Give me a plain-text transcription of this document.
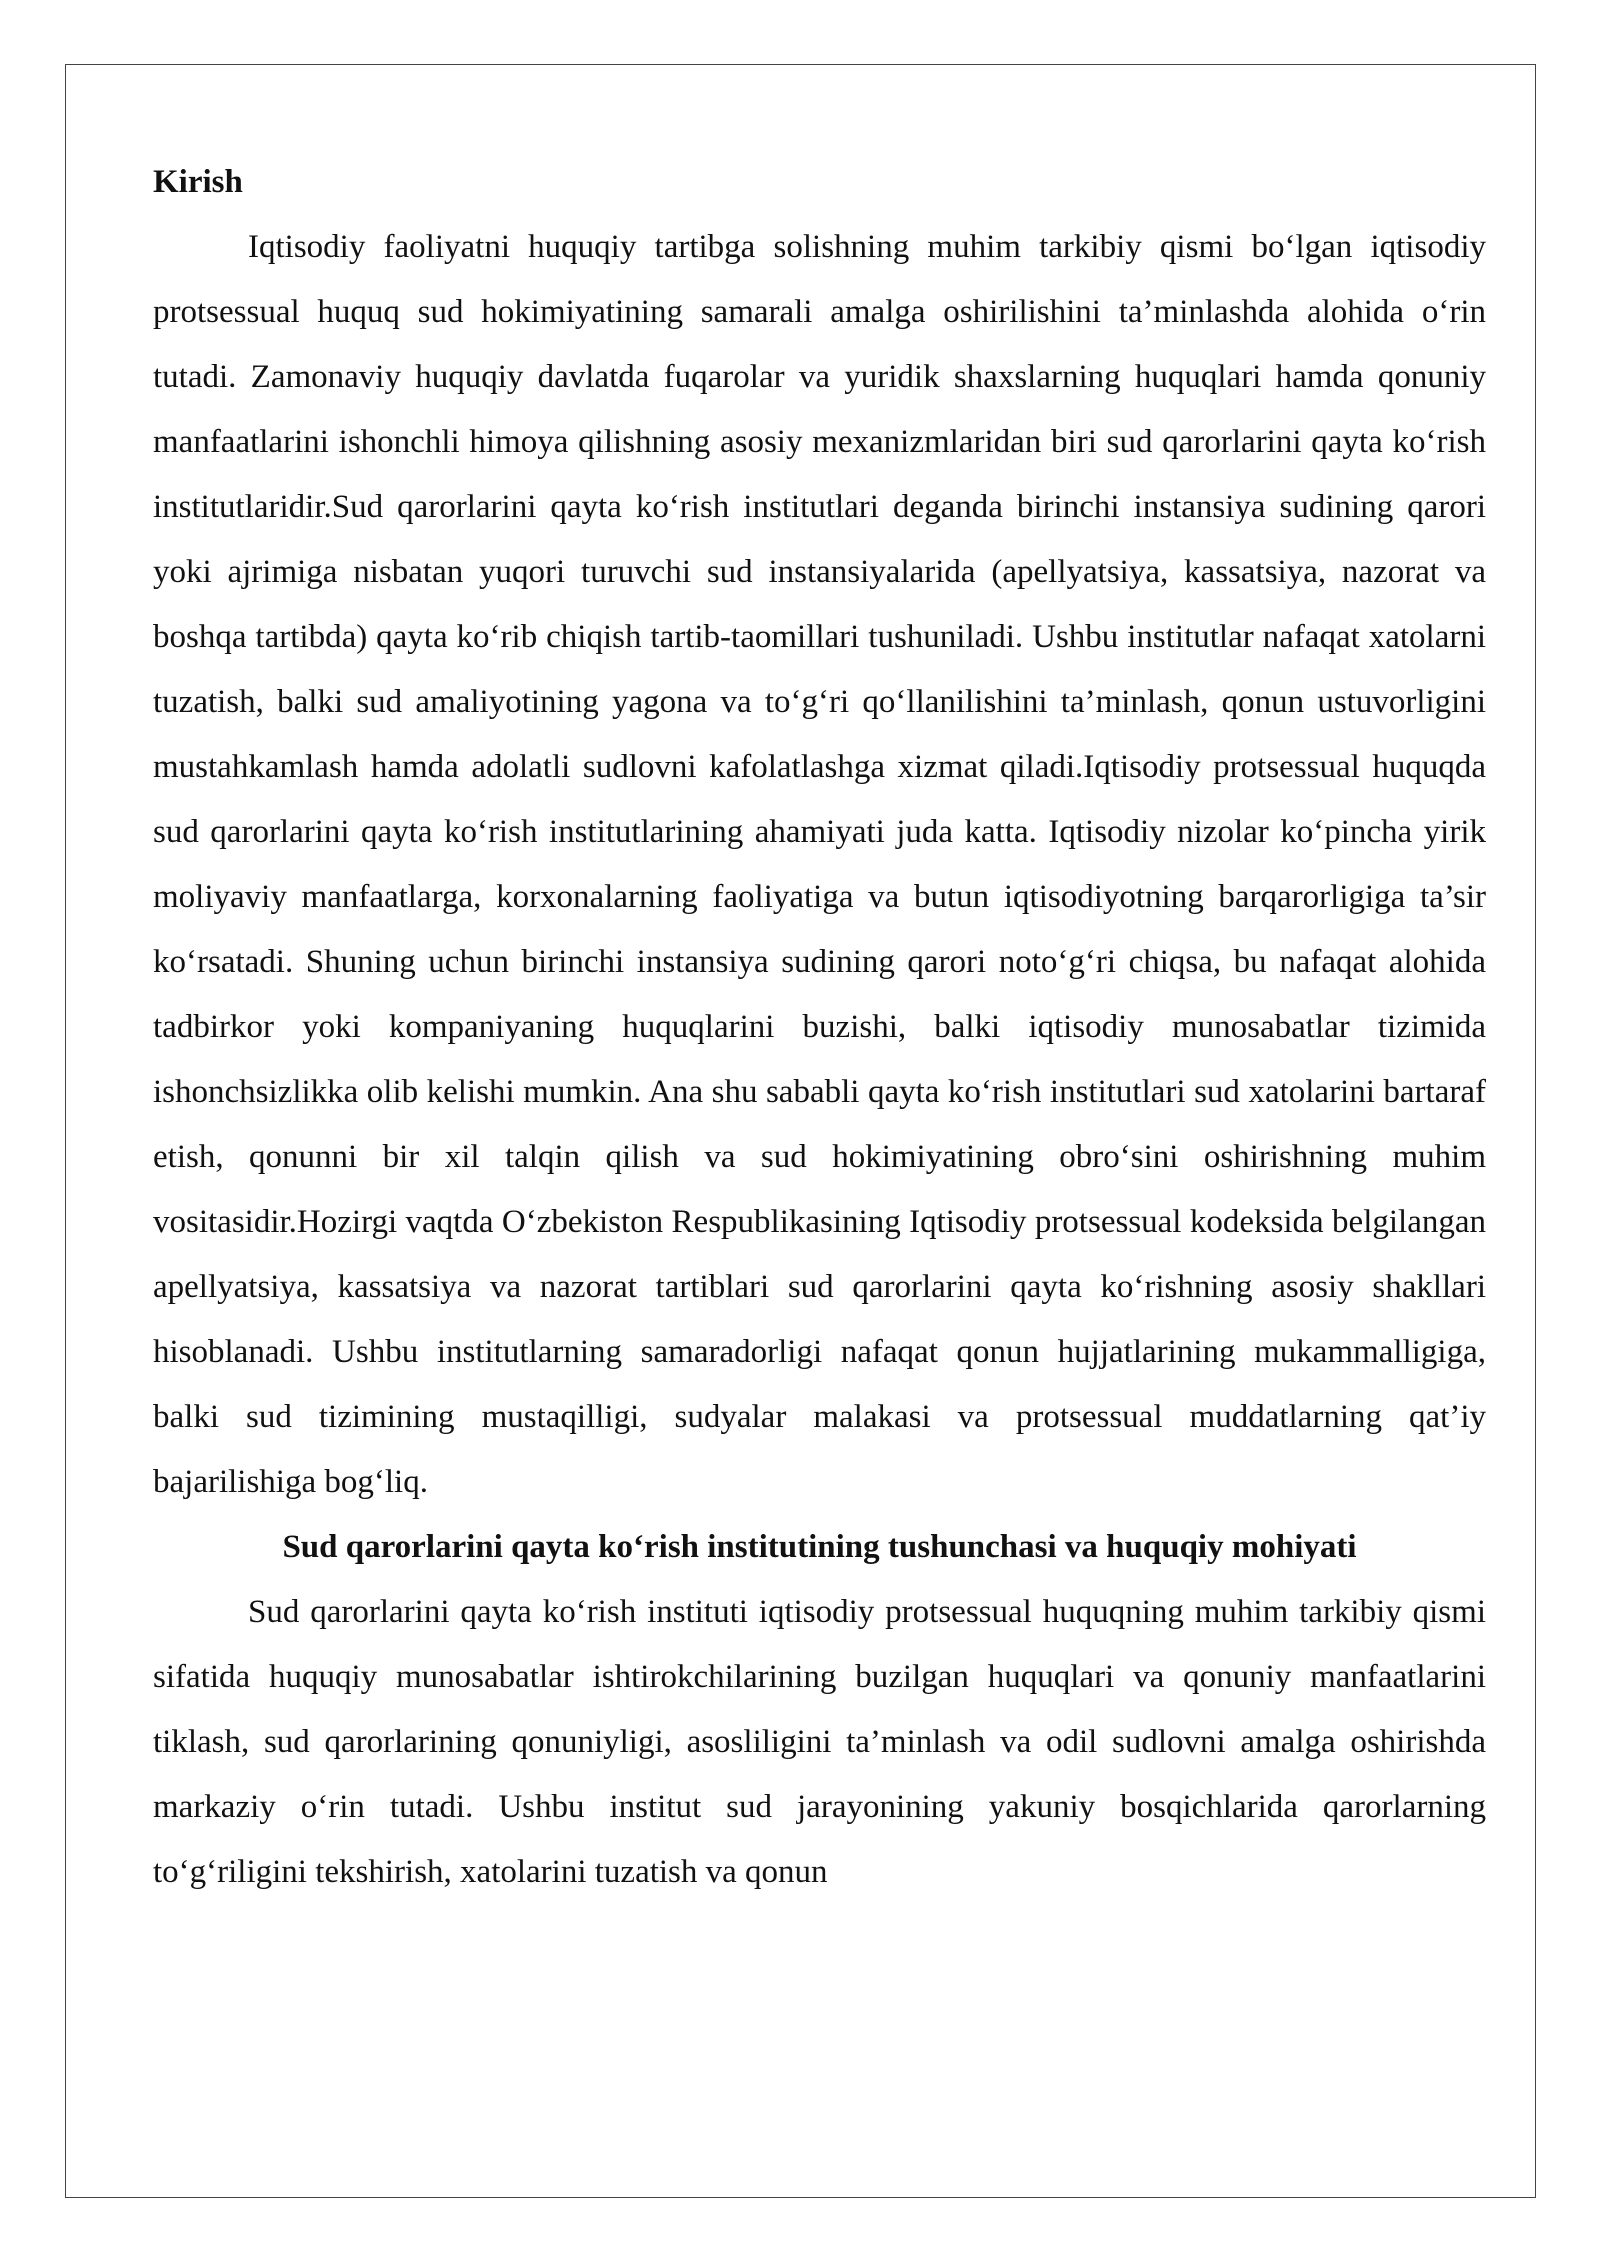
Kirish

Iqtisodiy faoliyatni huquqiy tartibga solishning muhim tarkibiy qismi bo‘lgan iqtisodiy protsessual huquq sud hokimiyatining samarali amalga oshirilishini ta’minlashda alohida o‘rin tutadi. Zamonaviy huquqiy davlatda fuqarolar va yuridik shaxslarning huquqlari hamda qonuniy manfaatlarini ishonchli himoya qilishning asosiy mexanizmlaridan biri sud qarorlarini qayta ko‘rish institutlaridir.Sud qarorlarini qayta ko‘rish institutlari deganda birinchi instansiya sudining qarori yoki ajrimiga nisbatan yuqori turuvchi sud instansiyalarida (apellyatsiya, kassatsiya, nazorat va boshqa tartibda) qayta ko‘rib chiqish tartib-taomillari tushuniladi. Ushbu institutlar nafaqat xatolarni tuzatish, balki sud amaliyotining yagona va to‘g‘ri qo‘llanilishini ta’minlash, qonun ustuvorligini mustahkamlash hamda adolatli sudlovni kafolatlashga xizmat qiladi.Iqtisodiy protsessual huquqda sud qarorlarini qayta ko‘rish institutlarining ahamiyati juda katta. Iqtisodiy nizolar ko‘pincha yirik moliyaviy manfaatlarga, korxonalarning faoliyatiga va butun iqtisodiyotning barqarorligiga ta’sir ko‘rsatadi. Shuning uchun birinchi instansiya sudining qarori noto‘g‘ri chiqsa, bu nafaqat alohida tadbirkor yoki kompaniyaning huquqlarini buzishi, balki iqtisodiy munosabatlar tizimida ishonchsizlikka olib kelishi mumkin. Ana shu sababli qayta ko‘rish institutlari sud xatolarini bartaraf etish, qonunni bir xil talqin qilish va sud hokimiyatining obro‘sini oshirishning muhim vositasidir.Hozirgi vaqtda O‘zbekiston Respublikasining Iqtisodiy protsessual kodeksida belgilangan apellyatsiya, kassatsiya va nazorat tartiblari sud qarorlarini qayta ko‘rishning asosiy shakllari hisoblanadi. Ushbu institutlarning samaradorligi nafaqat qonun hujjatlarining mukammalligiga, balki sud tizimining mustaqilligi, sudyalar malakasi va protsessual muddatlarning qat’iy bajarilishiga bog‘liq.

Sud qarorlarini qayta ko‘rish institutining tushunchasi va huquqiy mohiyati

Sud qarorlarini qayta ko‘rish instituti iqtisodiy protsessual huquqning muhim tarkibiy qismi sifatida huquqiy munosabatlar ishtirokchilarining buzilgan huquqlari va qonuniy manfaatlarini tiklash, sud qarorlarining qonuniyligi, asosliligini ta’minlash va odil sudlovni amalga oshirishda markaziy o‘rin tutadi. Ushbu institut sud jarayonining yakuniy bosqichlarida qarorlarning to‘g‘riligini tekshirish, xatolarini tuzatish va qonun
